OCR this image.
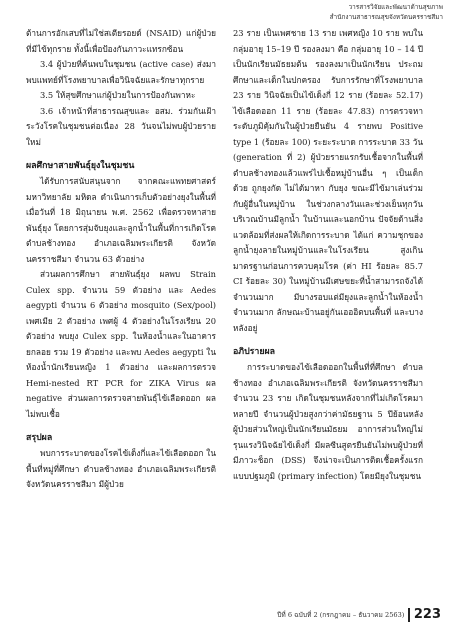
วารสารวิจัยและพัฒนาด้านสุขภาพ
สำนักงานสาธารณสุขจังหวัดนครราชสีมา

ต้านการอักเสบที่ไม่ใช่สเตียรอยด์ (NSAID) แก่ผู้ป่วยที่มีไข้ทุกราย ทั้งนี้เพื่อป้องกันภาวะแทรกซ้อน

3.4 ผู้ป่วยที่ค้นพบในชุมชน (active case) ส่งมาพบแพทย์ที่โรงพยาบาลเพื่อวินิจฉัยและรักษาทุกราย

3.5 ให้สุขศึกษาแก่ผู้ป่วยในการป้องกันพาหะ

3.6 เจ้าหน้าที่สาธารณสุขและ อสม. ร่วมกันเฝ้าระวังโรคในชุมชนต่อเนื่อง 28 วันจนไม่พบผู้ป่วยรายใหม่

ผลศึกษาสายพันธุ์ยุงในชุมชน

ได้รับการสนับสนุนจาก จากคณะแพทยศาสตร์ มหาวิทยาลัย มหิดล ดำเนินการเก็บตัวอย่างยุงในพื้นที่ เมื่อวันที่ 18 มิถุนายน พ.ศ. 2562 เพื่อตรวจหาสายพันธุ์ยุง โดยการสุ่มจับยุงและลูกน้ำในพื้นที่การเกิดโรค ตำบลช้างทอง อำเภอเฉลิมพระเกียรติ จังหวัดนครราชสีมา จำนวน 63 ตัวอย่าง

ส่วนผลการศึกษา สายพันธุ์ยุง ผลพบ Strain Culex spp. จำนวน 59 ตัวอย่าง และ Aedes aegypti จำนวน 6 ตัวอย่าง mosquito (Sex/pool) เพศเมีย 2 ตัวอย่าง เพศผู้ 4 ตัวอย่างในโรงเรียน 20 ตัวอย่าง พบยุง Culex spp. ในห้องน้ำและในอาคารยกลอย รวม 19 ตัวอย่าง และพบ Aedes aegypti ในห้องน้ำนักเรียนหญิง 1 ตัวอย่าง และผลการตรวจ Hemi-nested RT PCR for ZIKA Virus ผล negative ส่วนผลการตรวจสายพันธุ์ไข้เลือดออก ผลไม่พบเชื้อ

สรุปผล

พบการระบาดของโรคไข้เด็งกี่และไข้เลือดออก ในพื้นที่หมู่ที่ศึกษา ตำบลช้างทอง อำเภอเฉลิมพระเกียรติ จังหวัดนครราชสีมา มีผู้ป่วย

23 ราย เป็นเพศชาย 13 ราย เพศหญิง 10 ราย พบในกลุ่มอายุ 15–19 ปี รองลงมา คือ กลุ่มอายุ 10 – 14 ปี เป็นนักเรียนมัธยมต้น รองลงมาเป็นนักเรียน ประถมศึกษาและเด็กในปกครอง รับการรักษาที่โรงพยาบาล 23 ราย วินิจฉัยเป็นไข้เด็งกี่ 12 ราย (ร้อยละ 52.17) ไข้เลือดออก 11 ราย (ร้อยละ 47.83) การตรวจหาระดับภูมิคุ้มกันในผู้ป่วยยืนยัน 4 รายพบ Positive type 1 (ร้อยละ 100) ระยะระบาด การระบาด 33 วัน (generation ที่ 2) ผู้ป่วยรายแรกรับเชื้อจากในพื้นที่ตำบลช้างทองแล้วแพร่ไปเชื้อหมู่บ้านอื่น ๆ เป็นเด็กด้วย ถูกยุงกัด ไม่ได้มาหา กับยุง ขณะมีไข้มาเล่นร่วมกับผู้อื่นในหมู่บ้าน ในช่วงกลางวันและช่วงเย็นทุกวัน บริเวณบ้านมีลูกน้ำ ในบ้านและนอกบ้าน ปัจจัยด้านสิ่งแวดล้อมที่ส่งผลให้เกิดการระบาด ได้แก่ ความชุกของลูกน้ำยุงลายในหมู่บ้านและในโรงเรียน สูงเกินมาตรฐานก่อนการควบคุมโรค (ค่า HI ร้อยละ 85.7 CI ร้อยละ 30) ในหมู่บ้านมีเศษขยะที่น้ำสามารถจังได้จำนวนมาก มีบางรอบแต่มียุงและลูกน้ำในห้องน้ำ จำนวนมาก ลักษณะบ้านอยู่กันเอออิตบนพื้นที่ และบางหลังอยู่

อภิปรายผล

การระบาดของไข้เลือดออกในพื้นที่ที่ศึกษา ตำบลช้างทอง อำเภอเฉลิมพระเกียรติ จังหวัดนครราชสีมา จำนวน 23 ราย เกิดในชุมชนหลังจากที่ไม่เกิดโรคมาหลายปี จำนวนผู้ป่วยสูงกว่าค่ามัธยฐาน 5 ปีย้อนหลัง ผู้ป่วยส่วนใหญ่เป็นนักเรียนมัธยม อาการส่วนใหญ่ไม่รุนแรงวินิจฉัยไข้เด็งกี่ มีผลซีนสูตรยืนยันไม่พบผู้ป่วยที่มีภาวะช็อก (DSS) จึงน่าจะเป็นการติดเชื้อครั้งแรกแบบปฐมภูมิ (primary infection) โดยมียุงในชุมชน

ปีที่ 6 ฉบับที่ 2 (กรกฎาคม – ธันวาคม 2563) 223
